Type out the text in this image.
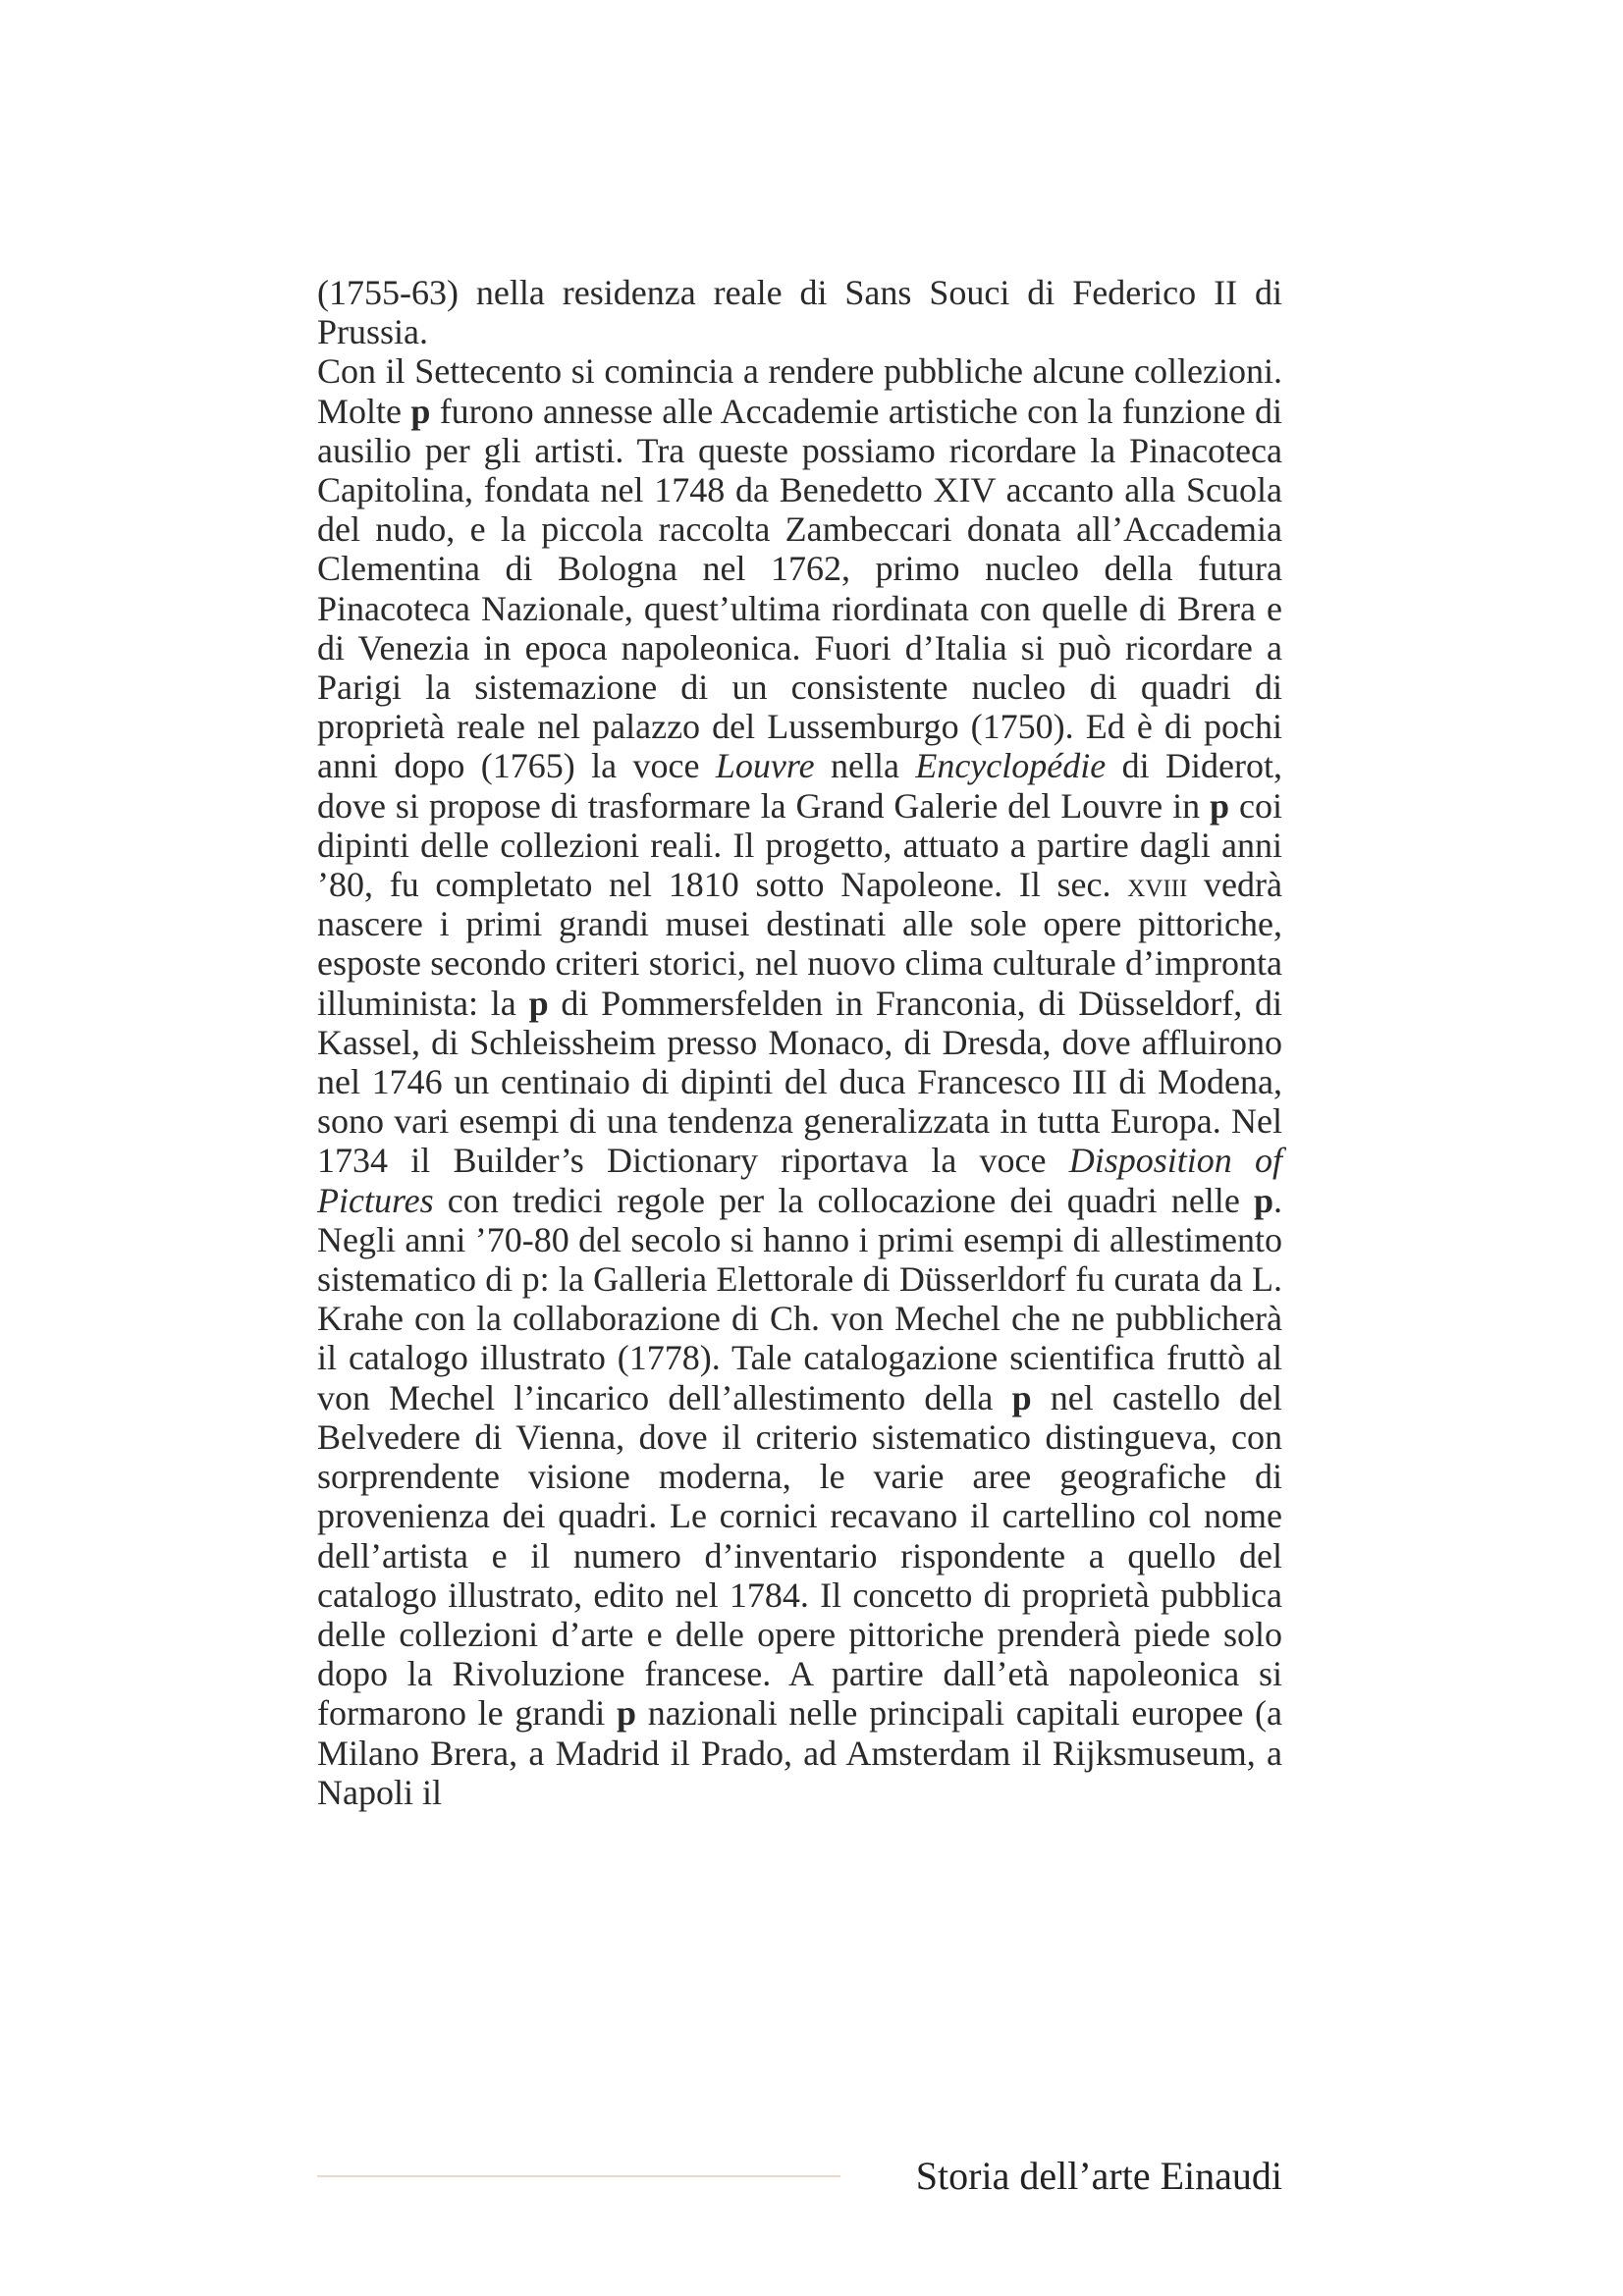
(1755-63) nella residenza reale di Sans Souci di Federico II di Prussia.

Con il Settecento si comincia a rendere pubbliche alcune collezioni. Molte p furono annesse alle Accademie artistiche con la funzione di ausilio per gli artisti. Tra queste possiamo ricordare la Pinacoteca Capitolina, fondata nel 1748 da Benedetto XIV accanto alla Scuola del nudo, e la piccola raccolta Zambeccari donata all’Accademia Clementina di Bologna nel 1762, primo nucleo della futura Pinacoteca Nazionale, quest’ultima riordinata con quelle di Brera e di Venezia in epoca napoleonica. Fuori d’Italia si può ricordare a Parigi la sistemazione di un consistente nucleo di quadri di proprietà reale nel palazzo del Lussemburgo (1750). Ed è di pochi anni dopo (1765) la voce Louvre nella Encyclopédie di Diderot, dove si propose di trasformare la Grand Galerie del Louvre in p coi dipinti delle collezioni reali. Il progetto, attuato a partire dagli anni ’80, fu completato nel 1810 sotto Napoleone. Il sec. xviii vedrà nascere i primi grandi musei destinati alle sole opere pittoriche, esposte secondo criteri storici, nel nuovo clima culturale d’impronta illuminista: la p di Pommersfelden in Franconia, di Düsseldorf, di Kassel, di Schleissheim presso Monaco, di Dresda, dove affluirono nel 1746 un centinaio di dipinti del duca Francesco III di Modena, sono vari esempi di una tendenza generalizzata in tutta Europa. Nel 1734 il Builder’s Dictionary riportava la voce Disposition of Pictures con tredici regole per la collocazione dei quadri nelle p. Negli anni ’70-80 del secolo si hanno i primi esempi di allestimento sistematico di p: la Galleria Elettorale di Düsserldorf fu curata da L. Krahe con la collaborazione di Ch. von Mechel che ne pubblicherà il catalogo illustrato (1778). Tale catalogazione scientifica fruttò al von Mechel l’incarico dell’allestimento della p nel castello del Belvedere di Vienna, dove il criterio sistematico distingueva, con sorprendente visione moderna, le varie aree geografiche di provenienza dei quadri. Le cornici recavano il cartellino col nome dell’artista e il numero d’inventario rispondente a quello del catalogo illustrato, edito nel 1784. Il concetto di proprietà pubblica delle collezioni d’arte e delle opere pittoriche prenderà piede solo dopo la Rivoluzione francese. A partire dall’età napoleonica si formarono le grandi p nazionali nelle principali capitali europee (a Milano Brera, a Madrid il Prado, ad Amsterdam il Rijksmuseum, a Napoli il

Storia dell’arte Einaudi
